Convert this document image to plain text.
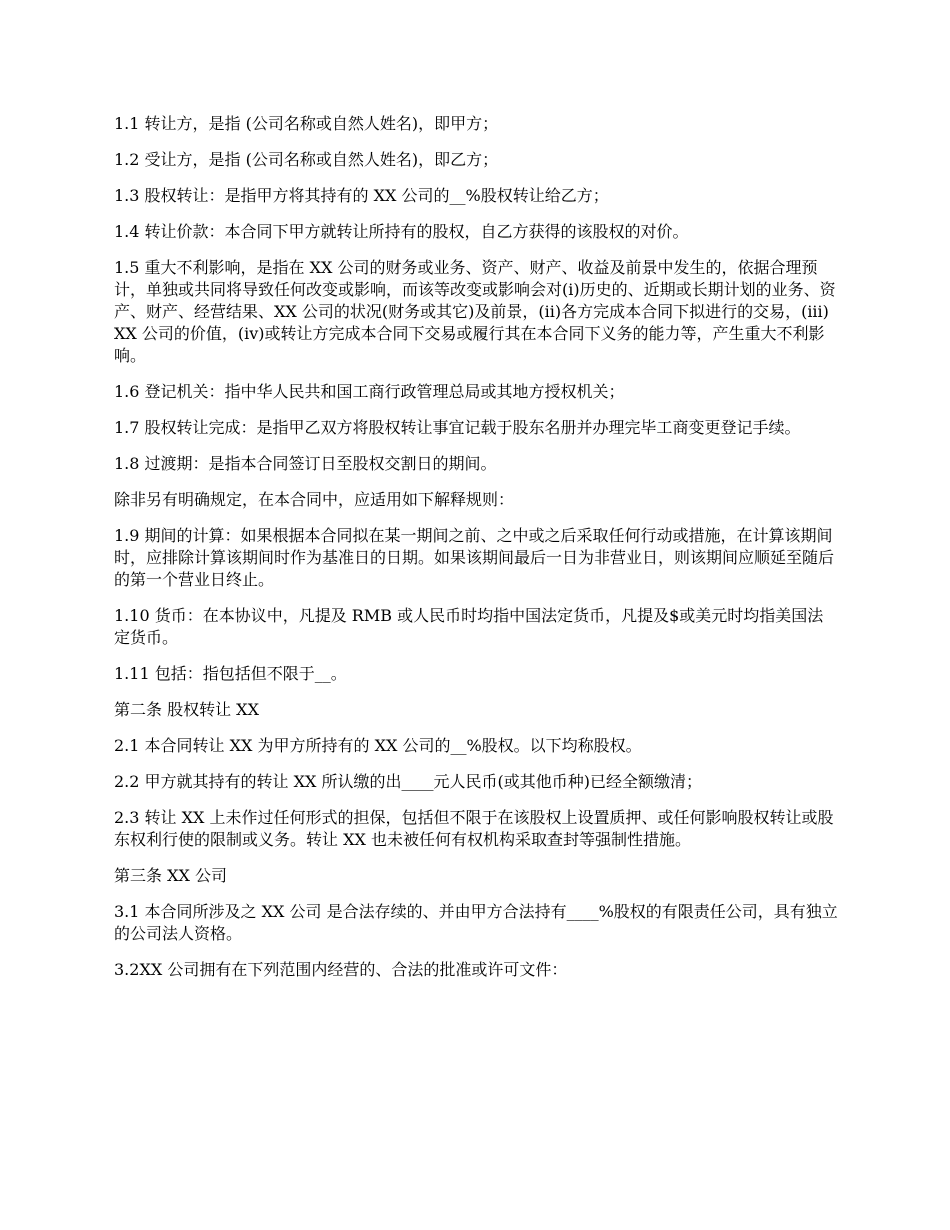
1.1 转让方，是指 (公司名称或自然人姓名)，即甲方；

1.2 受让方，是指 (公司名称或自然人姓名)，即乙方；

1.3 股权转让：是指甲方将其持有的 XX 公司的__%股权转让给乙方；

1.4 转让价款：本合同下甲方就转让所持有的股权，自乙方获得的该股权的对价。

1.5 重大不利影响，是指在 XX 公司的财务或业务、资产、财产、收益及前景中发生的，依据合理预计，单独或共同将导致任何改变或影响，而该等改变或影响会对(i)历史的、近期或长期计划的业务、资产、财产、经营结果、XX 公司的状况(财务或其它)及前景，(ii)各方完成本合同下拟进行的交易，(iii)XX 公司的价值，(iv)或转让方完成本合同下交易或履行其在本合同下义务的能力等，产生重大不利影响。

1.6 登记机关：指中华人民共和国工商行政管理总局或其地方授权机关；

1.7 股权转让完成：是指甲乙双方将股权转让事宜记载于股东名册并办理完毕工商变更登记手续。

1.8 过渡期：是指本合同签订日至股权交割日的期间。

除非另有明确规定，在本合同中，应适用如下解释规则：

1.9 期间的计算：如果根据本合同拟在某一期间之前、之中或之后采取任何行动或措施，在计算该期间时，应排除计算该期间时作为基准日的日期。如果该期间最后一日为非营业日，则该期间应顺延至随后的第一个营业日终止。

1.10 货币：在本协议中，凡提及 RMB 或人民币时均指中国法定货币，凡提及$或美元时均指美国法定货币。

1.11 包括：指包括但不限于__。

第二条 股权转让 XX

2.1 本合同转让 XX 为甲方所持有的 XX 公司的__%股权。以下均称股权。

2.2 甲方就其持有的转让 XX 所认缴的出____元人民币(或其他币种)已经全额缴清；

2.3 转让 XX 上未作过任何形式的担保，包括但不限于在该股权上设置质押、或任何影响股权转让或股东权利行使的限制或义务。转让 XX 也未被任何有权机构采取查封等强制性措施。

第三条 XX 公司

3.1 本合同所涉及之 XX 公司 是合法存续的、并由甲方合法持有____%股权的有限责任公司，具有独立的公司法人资格。

3.2XX 公司拥有在下列范围内经营的、合法的批准或许可文件：
